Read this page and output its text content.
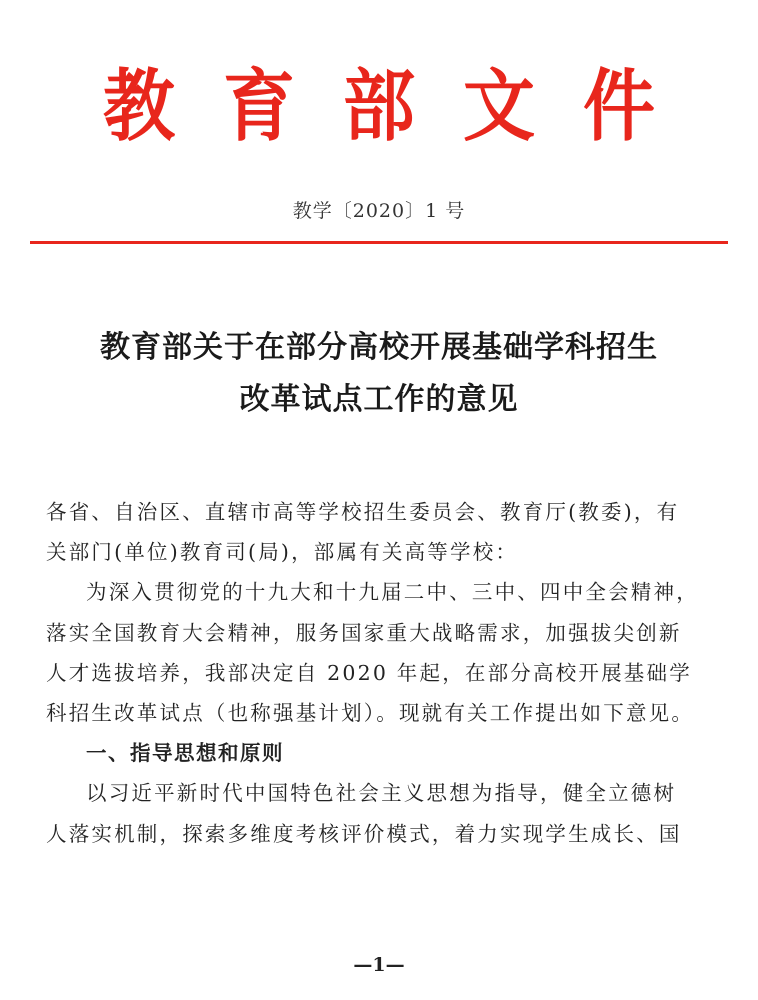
教 育 部 文 件
教学〔2020〕1 号
教育部关于在部分高校开展基础学科招生
改革试点工作的意见
各省、自治区、直辖市高等学校招生委员会、教育厅(教委)，有
关部门(单位)教育司(局)，部属有关高等学校：
为深入贯彻党的十九大和十九届二中、三中、四中全会精神，
落实全国教育大会精神，服务国家重大战略需求，加强拔尖创新
人才选拔培养，我部决定自 2020 年起，在部分高校开展基础学
科招生改革试点（也称强基计划）。现就有关工作提出如下意见。
一、指导思想和原则
以习近平新时代中国特色社会主义思想为指导，健全立德树
人落实机制，探索多维度考核评价模式，着力实现学生成长、国
—1—
